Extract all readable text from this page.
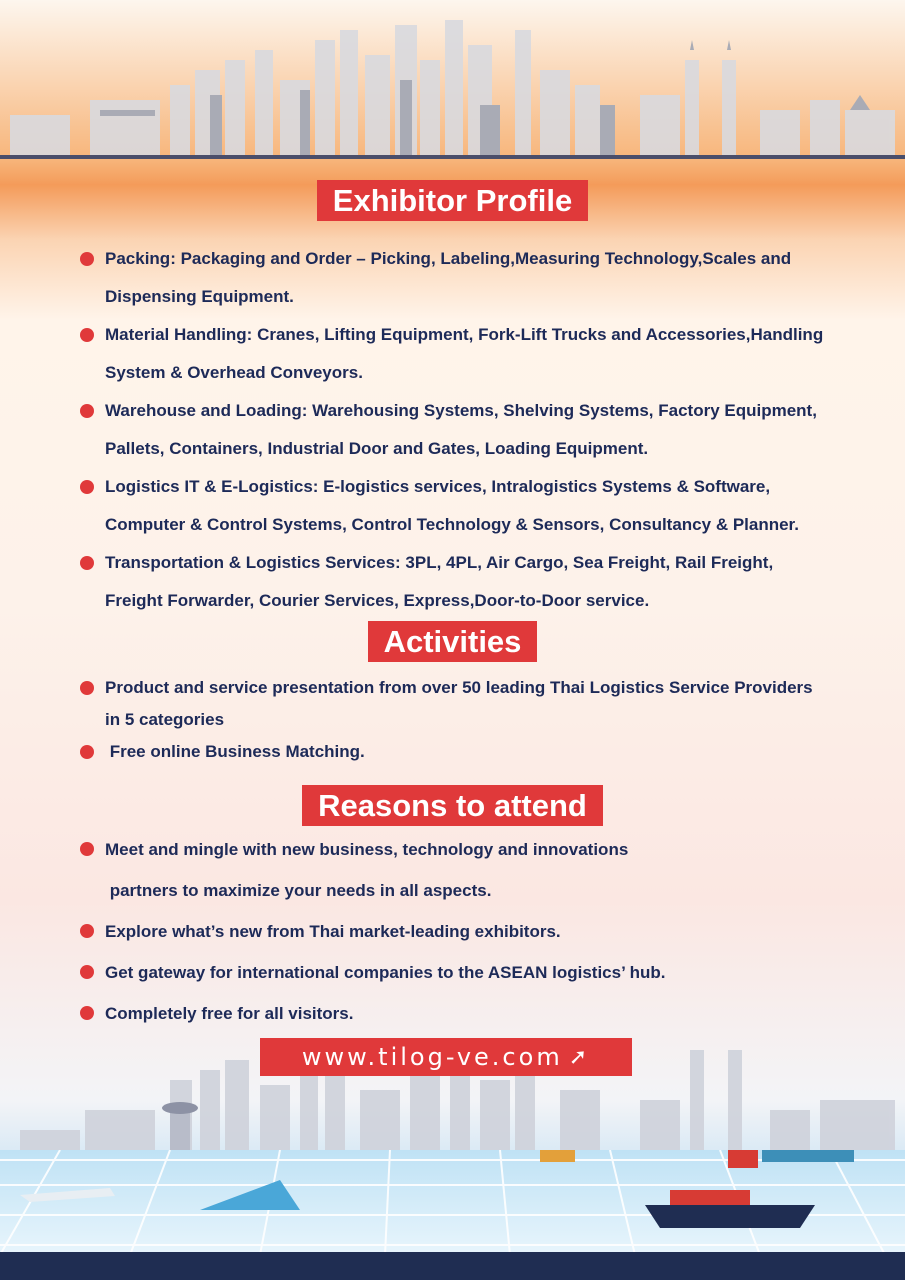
Exhibitor Profile
Packing: Packaging and Order – Picking, Labeling,Measuring Technology,Scales and
Dispensing Equipment.
Material Handling: Cranes, Lifting Equipment, Fork-Lift Trucks and Accessories,Handling
System & Overhead Conveyors.
Warehouse and Loading: Warehousing Systems, Shelving Systems, Factory Equipment,
Pallets, Containers, Industrial Door and Gates, Loading Equipment.
Logistics IT & E-Logistics: E-logistics services, Intralogistics Systems & Software,
Computer & Control Systems, Control Technology & Sensors, Consultancy & Planner.
Transportation & Logistics Services: 3PL, 4PL, Air Cargo, Sea Freight, Rail Freight,
Freight Forwarder, Courier Services, Express,Door-to-Door service.
Activities
Product and service presentation from over 50 leading Thai Logistics Service Providers
in 5 categories
Free online Business Matching.
Reasons to attend
Meet and mingle with new business, technology and innovations
partners to maximize your needs in all aspects.
Explore what’s new from Thai market-leading exhibitors.
Get gateway for international companies to the ASEAN logistics’ hub.
Completely free for all visitors.
www.tilog-ve.com ➚
